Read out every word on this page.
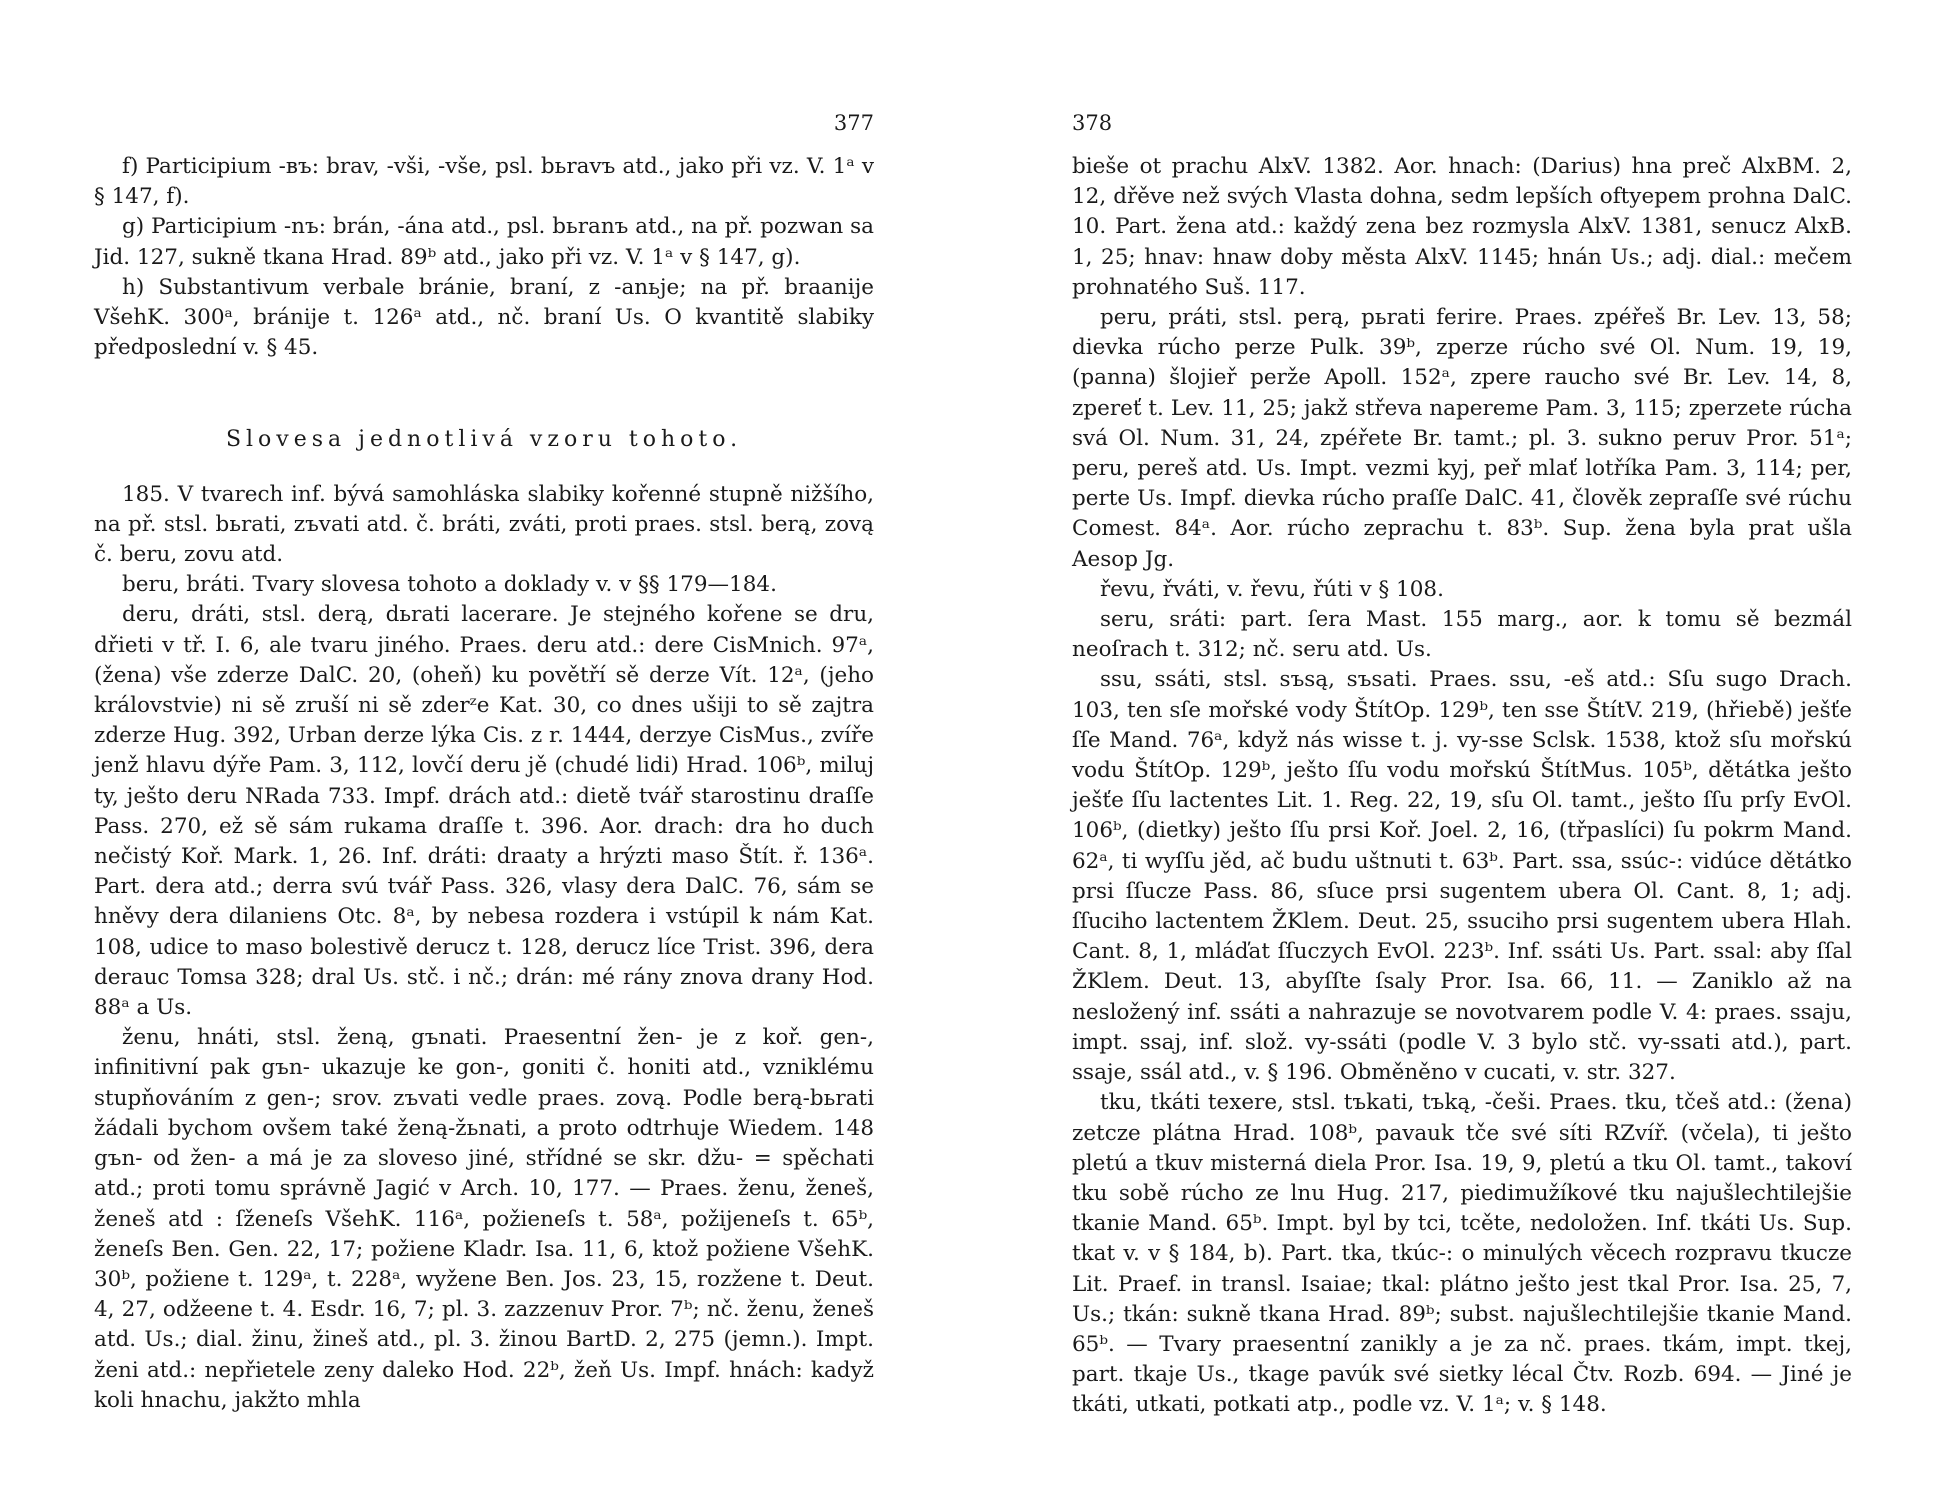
377

f) Participium -въ: brav, -vši, -vše, psl. bьravъ atd., jako při vz. V. 1ᵃ v § 147, f).

g) Participium -nъ: brán, -ána atd., psl. bьranъ atd., na př. pozwan sa Jid. 127, sukně tkana Hrad. 89ᵇ atd., jako při vz. V. 1ᵃ v § 147, g).

h) Substantivum verbale bránie, braní, z -anьje; na př. braanije VšehK. 300ᵃ, bránije t. 126ᵃ atd., nč. braní Us. O kvantitě slabiky předposlední v. § 45.

Slovesa jednotlivá vzoru tohoto.

185. V tvarech inf. bývá samohláska slabiky kořenné stupně nižšího, na př. stsl. bьrati, zъvati atd. č. bráti, zváti, proti praes. stsl. berą, zovą č. beru, zovu atd.

beru, bráti. Tvary slovesa tohoto a doklady v. v §§ 179—184.

deru, dráti, stsl. derą, dьrati lacerare. Je stejného kořene se dru, dřieti v tř. I. 6, ale tvaru jiného. Praes. deru atd.: dere CisMnich. 97ᵃ, (žena) vše zderze DalC. 20, (oheň) ku povětří sě derze Vít. 12ᵃ, (jeho královstvie) ni sě zruší ni sě zderᶻe Kat. 30, co dnes ušiji to sě zajtra zderze Hug. 392, Urban derze lýka Cis. z r. 1444, derzye CisMus., zvíře jenž hlavu dýře Pam. 3, 112, lovčí deru jě (chudé lidi) Hrad. 106ᵇ, miluj ty, ješto deru NRada 733. Impf. drách atd.: dietě tvář starostinu draſſe Pass. 270, ež sě sám rukama draſſe t. 396. Aor. drach: dra ho duch nečistý Koř. Mark. 1, 26. Inf. dráti: draaty a hrýzti maso Štít. ř. 136ᵃ. Part. dera atd.; derra svú tvář Pass. 326, vlasy dera DalC. 76, sám se hněvy dera dilaniens Otc. 8ᵃ, by nebesa rozdera i vstúpil k nám Kat. 108, udice to maso bolestivě derucz t. 128, derucz líce Trist. 396, dera derauc Tomsa 328; dral Us. stč. i nč.; drán: mé rány znova drany Hod. 88ᵃ a Us.

ženu, hnáti, stsl. ženą, gъnati. Praesentní žen- je z koř. gen-, infinitivní pak gъn- ukazuje ke gon-, goniti č. honiti atd., vzniklému stupňováním z gen-; srov. zъvati vedle praes. zovą. Podle berą-bьrati žádali bychom ovšem také ženą-žьnati, a proto odtrhuje Wiedem. 148 gъn- od žen- a má je za sloveso jiné, střídné se skr. džu- = spěchati atd.; proti tomu správně Jagić v Arch. 10, 177. — Praes. ženu, ženeš, ženeš atd : ſženeſs VšehK. 116ᵃ, požieneſs t. 58ᵃ, požijeneſs t. 65ᵇ, ženeſs Ben. Gen. 22, 17; požiene Kladr. Isa. 11, 6, ktož požiene VšehK. 30ᵇ, požiene t. 129ᵃ, t. 228ᵃ, wyžene Ben. Jos. 23, 15, rozžene t. Deut. 4, 27, odžeene t. 4. Esdr. 16, 7; pl. 3. zazzenuv Pror. 7ᵇ; nč. ženu, ženeš atd. Us.; dial. žinu, žineš atd., pl. 3. žinou BartD. 2, 275 (jemn.). Impt. ženi atd.: nepřietele zeny daleko Hod. 22ᵇ, žeň Us. Impf. hnách: kadyž koli hnachu, jakžto mhla

378

bieše ot prachu AlxV. 1382. Aor. hnach: (Darius) hna preč AlxBM. 2, 12, dřěve než svých Vlasta dohna, sedm lepších oftyepem prohna DalC. 10. Part. žena atd.: každý zena bez rozmysla AlxV. 1381, senucz AlxB. 1, 25; hnav: hnaw doby města AlxV. 1145; hnán Us.; adj. dial.: mečem prohnatého Suš. 117.

peru, práti, stsl. perą, pьrati ferire. Praes. zpéřeš Br. Lev. 13, 58; dievka rúcho perze Pulk. 39ᵇ, zperze rúcho své Ol. Num. 19, 19, (panna) šlojieř perže Apoll. 152ᵃ, zpere raucho své Br. Lev. 14, 8, zpereť t. Lev. 11, 25; jakž střeva napereme Pam. 3, 115; zperzete rúcha svá Ol. Num. 31, 24, zpéřete Br. tamt.; pl. 3. sukno peruv Pror. 51ᵃ; peru, pereš atd. Us. Impt. vezmi kyj, peř mlať lotříka Pam. 3, 114; per, perte Us. Impf. dievka rúcho praſſe DalC. 41, člověk zepraſſe své rúchu Comest. 84ᵃ. Aor. rúcho zeprachu t. 83ᵇ. Sup. žena byla prat ušla Aesop Jg.

řevu, řváti, v. řevu, řúti v § 108.

seru, sráti: part. ſera Mast. 155 marg., aor. k tomu sě bezmál neoſrach t. 312; nč. seru atd. Us.

ssu, ssáti, stsl. sъsą, sъsati. Praes. ssu, -eš atd.: Sſu sugo Drach. 103, ten sſe mořské vody ŠtítOp. 129ᵇ, ten sse ŠtítV. 219, (hřiebě) ješťe ſſe Mand. 76ᵃ, když nás wisse t. j. vy-sse Sclsk. 1538, ktož sſu mořskú vodu ŠtítOp. 129ᵇ, ješto ſſu vodu mořskú ŠtítMus. 105ᵇ, dětátka ješto ješťe ſſu lactentes Lit. 1. Reg. 22, 19, sſu Ol. tamt., ješto ſſu prſy EvOl. 106ᵇ, (dietky) ješto ſſu prsi Koř. Joel. 2, 16, (třpaslíci) ſu pokrm Mand. 62ᵃ, ti wyſſu jěd, ač budu uštnuti t. 63ᵇ. Part. ssa, ssúc-: vidúce dětátko prsi ſſucze Pass. 86, sſuce prsi sugentem ubera Ol. Cant. 8, 1; adj. ſſuciho lactentem ŽKlem. Deut. 25, ssuciho prsi sugentem ubera Hlah. Cant. 8, 1, mláďat ſſuczych EvOl. 223ᵇ. Inf. ssáti Us. Part. ssal: aby ſſal ŽKlem. Deut. 13, abyſſte ſsaly Pror. Isa. 66, 11. — Zaniklo až na nesložený inf. ssáti a nahrazuje se novotvarem podle V. 4: praes. ssaju, impt. ssaj, inf. slož. vy-ssáti (podle V. 3 bylo stč. vy-ssati atd.), part. ssaje, ssál atd., v. § 196. Obměněno v cucati, v. str. 327.

tku, tkáti texere, stsl. tъkati, tъką, -češi. Praes. tku, tčeš atd.: (žena) zetcze plátna Hrad. 108ᵇ, pavauk tče své síti RZvíř. (včela), ti ješto pletú a tkuv misterná diela Pror. Isa. 19, 9, pletú a tku Ol. tamt., takoví tku sobě rúcho ze lnu Hug. 217, piedimužíkové tku najušlechtilejšie tkanie Mand. 65ᵇ. Impt. byl by tci, tcěte, nedoložen. Inf. tkáti Us. Sup. tkat v. v § 184, b). Part. tka, tkúc-: o minulých věcech rozpravu tkucze Lit. Praef. in transl. Isaiae; tkal: plátno ještо jest tkal Pror. Isa. 25, 7, Us.; tkán: sukně tkana Hrad. 89ᵇ; subst. najušlechtilejšie tkanie Mand. 65ᵇ. — Tvary praesentní zanikly a je za nč. praes. tkám, impt. tkej, part. tkaje Us., tkage pavúk své sietky lécal Čtv. Rozb. 694. — Jiné je tkáti, utkati, potkati atp., podle vz. V. 1ᵃ; v. § 148.
